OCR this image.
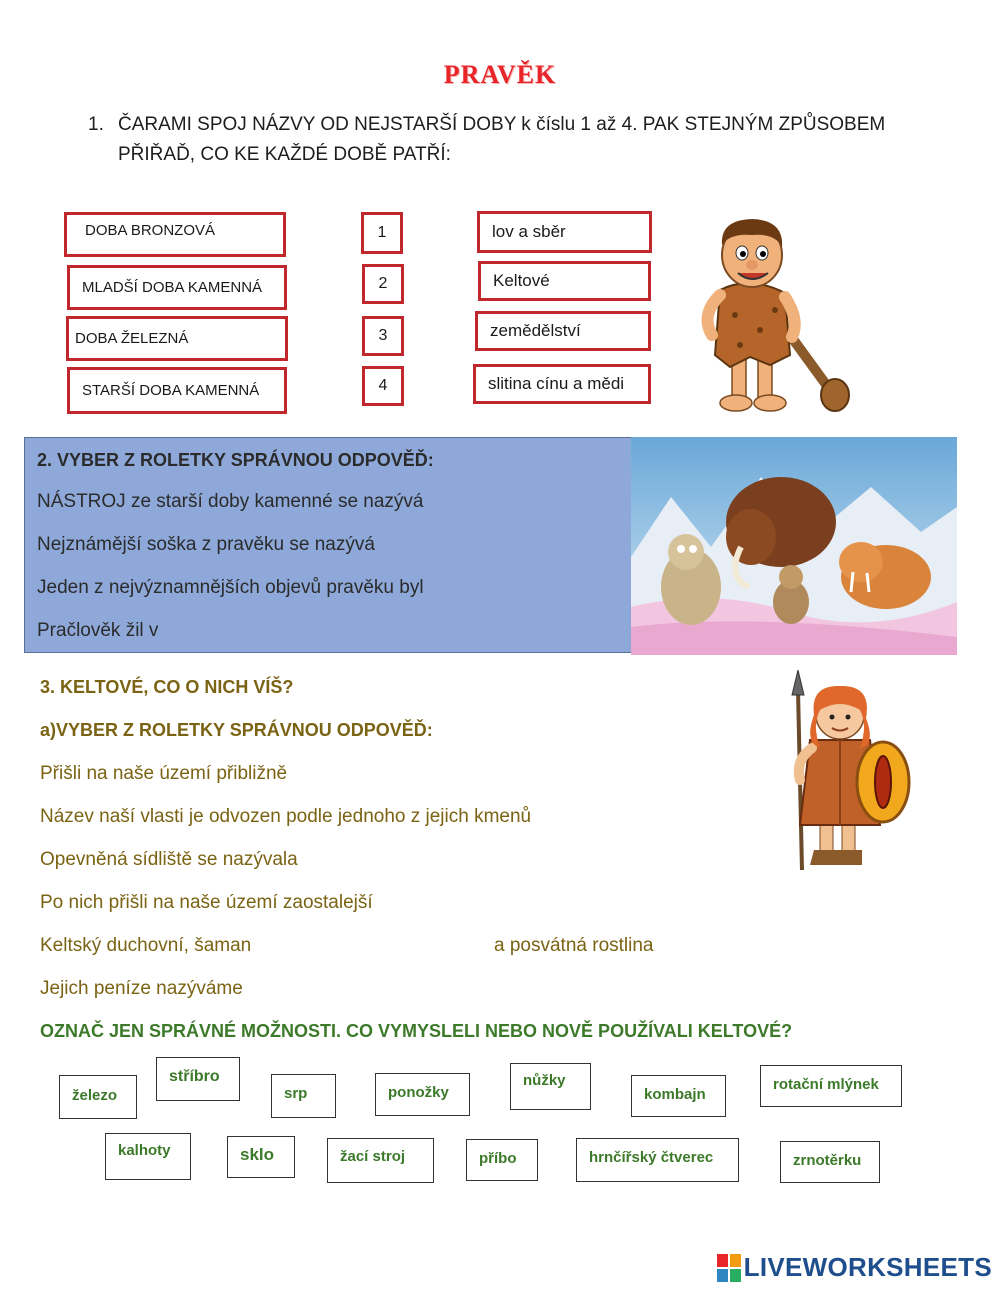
PRAVĚK
1. ČARAMI SPOJ NÁZVY OD NEJSTARŠÍ DOBY k číslu 1 až 4. PAK STEJNÝM ZPŮSOBEM
PŘIŘAĎ, CO KE KAŽDÉ DOBĚ PATŘÍ:
DOBA BRONZOVÁ
MLADŠÍ DOBA KAMENNÁ
DOBA ŽELEZNÁ
STARŠÍ DOBA KAMENNÁ
1
2
3
4
lov a sběr
Keltové
zemědělství
slitina cínu a mědi
2. VYBER Z ROLETKY SPRÁVNOU ODPOVĚĎ:
NÁSTROJ ze starší doby kamenné se nazývá
Nejznámější soška z pravěku se nazývá
Jeden z nejvýznamnějších objevů pravěku byl
Pračlověk žil v
3. KELTOVÉ, CO O NICH VÍŠ?
a)VYBER Z ROLETKY SPRÁVNOU ODPOVĚĎ:
Přišli na naše území přibližně
Název naší vlasti je odvozen podle jednoho z jejich kmenů
Opevněná sídliště se nazývala
Po nich přišli na naše území zaostalejší
Keltský duchovní, šaman	a posvátná rostlina
Jejich peníze nazýváme
OZNAČ JEN SPRÁVNÉ MOŽNOSTI. CO VYMYSLELI NEBO NOVĚ POUŽÍVALI KELTOVÉ?
železo
stříbro
srp	ponožky
nůžky
kombajn
rotační mlýnek
kalhoty	sklo	žací stroj	příbo	hrnčířský čtverec	zrnotěrku
LIVEWORKSHEETS
